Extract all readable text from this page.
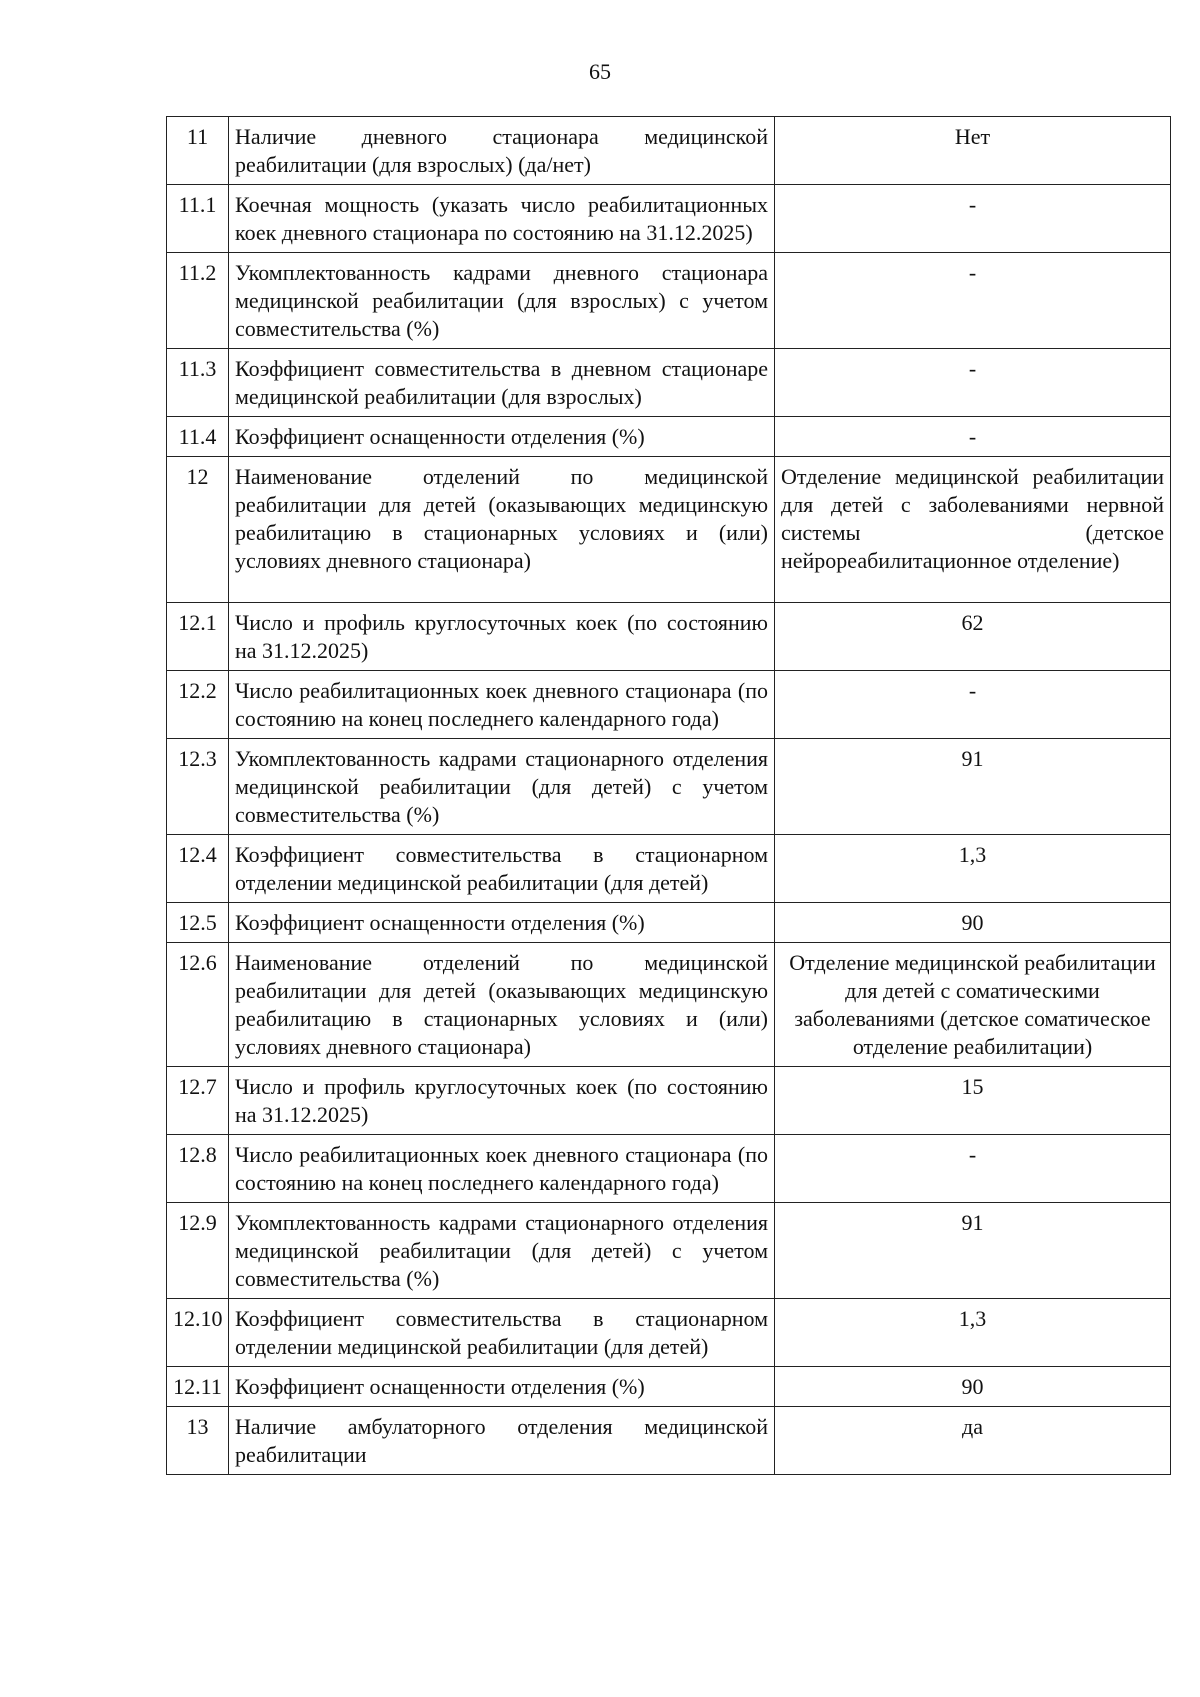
65
11	Наличие дневного стационара медицинской реабилитации (для взрослых) (да/нет)	Нет
11.1	Коечная мощность (указать число реабилитационных коек дневного стационара по состоянию на 31.12.2025)	-
11.2	Укомплектованность кадрами дневного стационара медицинской реабилитации (для взрослых) с учетом совместительства (%)	-
11.3	Коэффициент совместительства в дневном стационаре медицинской реабилитации (для взрослых)	-
11.4	Коэффициент оснащенности отделения (%)	-
12	Наименование отделений по медицинской реабилитации для детей (оказывающих медицинскую реабилитацию в стационарных условиях и (или) условиях дневного стационара)	Отделение медицинской реабилитации для детей с заболеваниями нервной системы (детское нейрореабилитационное отделение)
12.1	Число и профиль круглосуточных коек (по состоянию на 31.12.2025)	62
12.2	Число реабилитационных коек дневного стационара (по состоянию на конец последнего календарного года)	-
12.3	Укомплектованность кадрами стационарного отделения медицинской реабилитации (для детей) с учетом совместительства (%)	91
12.4	Коэффициент совместительства в стационарном отделении медицинской реабилитации (для детей)	1,3
12.5	Коэффициент оснащенности отделения (%)	90
12.6	Наименование отделений по медицинской реабилитации для детей (оказывающих медицинскую реабилитацию в стационарных условиях и (или) условиях дневного стационара)	Отделение медицинской реабилитации для детей с соматическими заболеваниями (детское соматическое отделение реабилитации)
12.7	Число и профиль круглосуточных коек (по состоянию на 31.12.2025)	15
12.8	Число реабилитационных коек дневного стационара (по состоянию на конец последнего календарного года)	-
12.9	Укомплектованность кадрами стационарного отделения медицинской реабилитации (для детей) с учетом совместительства (%)	91
12.10	Коэффициент совместительства в стационарном отделении медицинской реабилитации (для детей)	1,3
12.11	Коэффициент оснащенности отделения (%)	90
13	Наличие амбулаторного отделения медицинской реабилитации	да
